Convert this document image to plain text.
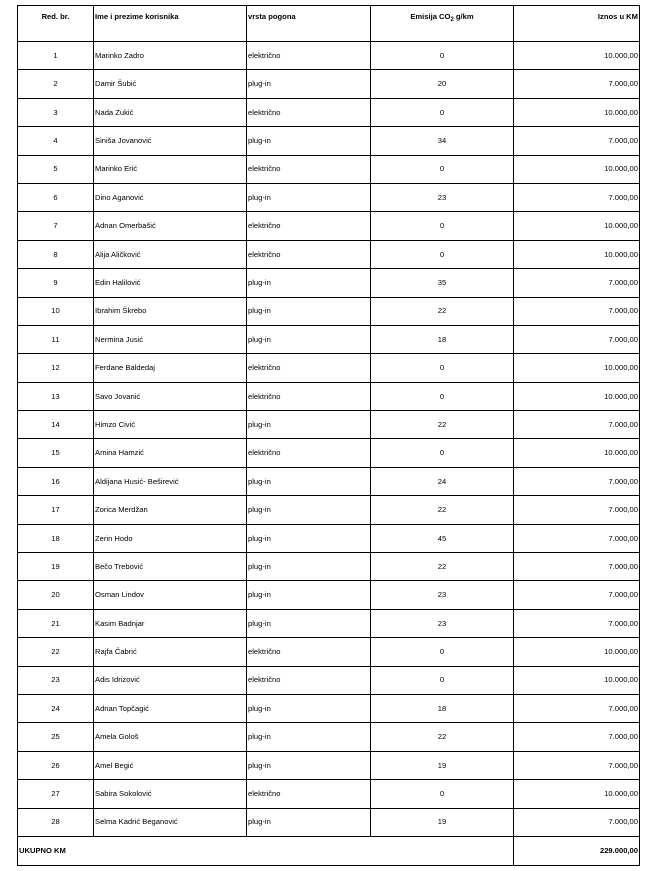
Red. br.	Ime i prezime korisnika	vrsta pogona	Emisija $CO_2$ g/km	Iznos u KM
1	Marinko Zadro	električno	0	10.000,00
2	Damir Šubić	plug-in	20	7.000,00
3	Nada Zukić	električno	0	10.000,00
4	Siniša Jovanović	plug-in	34	7.000,00
5	Marinko Erić	električno	0	10.000,00
6	Dino Aganović	plug-in	23	7.000,00
7	Adnan Omerbašić	električno	0	10.000,00
8	Alija Aličković	električno	0	10.000,00
9	Edin Halilović	plug-in	35	7.000,00
10	Ibrahim Škrebo	plug-in	22	7.000,00
11	Nermina Jusić	plug-in	18	7.000,00
12	Ferdane Baldedaj	električno	0	10.000,00
13	Savo Jovanić	električno	0	10.000,00
14	Himzo Civić	plug-in	22	7.000,00
15	Amina Hamzić	električno	0	10.000,00
16	Aldijana Husić- Beširević	plug-in	24	7.000,00
17	Zorica Merdžan	plug-in	22	7.000,00
18	Zerin Hodo	plug-in	45	7.000,00
19	Bečo Trebović	plug-in	22	7.000,00
20	Osman Lindov	plug-in	23	7.000,00
21	Kasim Badnjar	plug-in	23	7.000,00
22	Rajfa Čabrić	električno	0	10.000,00
23	Adis Idrizović	električno	0	10.000,00
24	Adnan Topčagić	plug-in	18	7.000,00
25	Amela Gološ	plug-in	22	7.000,00
26	Amel Begić	plug-in	19	7.000,00
27	Sabira Sokolović	električno	0	10.000,00
28	Selma Kadrić Beganović	plug-in	19	7.000,00
UKUPNO KM				229.000,00
